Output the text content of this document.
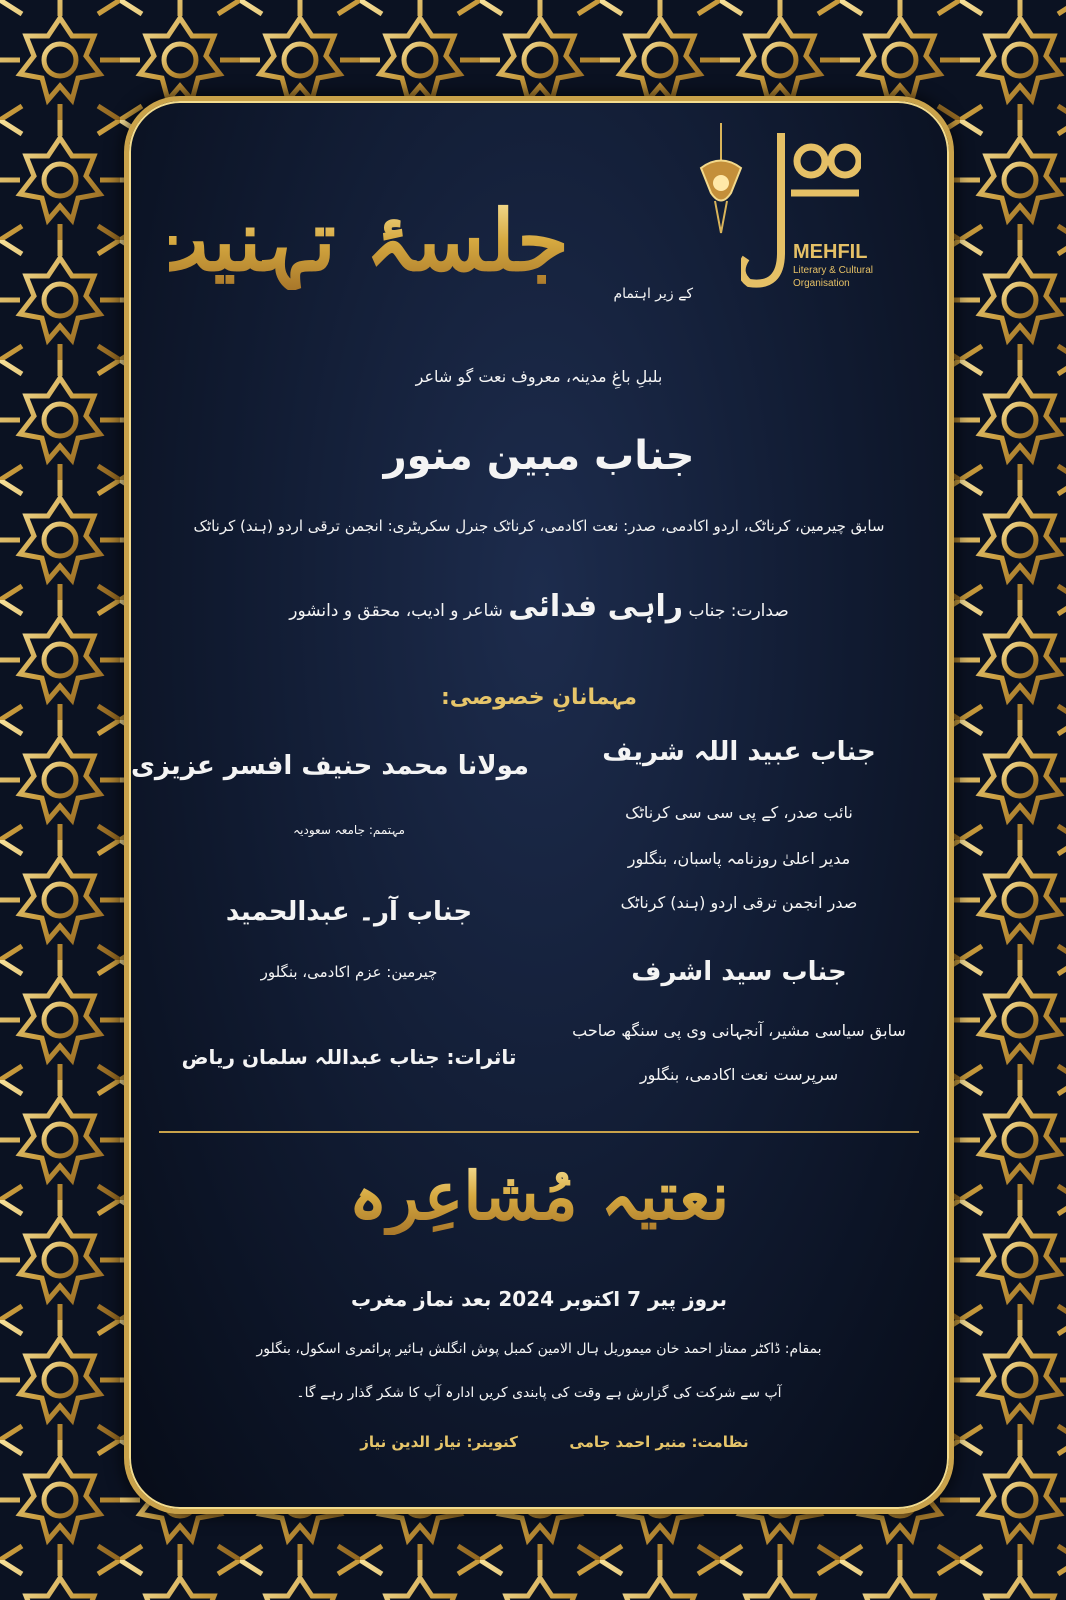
MEHFIL
Literary & Cultural
Organisation
کے زیر اہتمام
جلسۂ تہنیت
بلبلِ باغِ مدینہ، معروف نعت گو شاعر
جناب مبین منور
سابق چیرمین، کرناٹک، اردو اکادمی، صدر: نعت اکادمی، کرناٹک جنرل سکریٹری: انجمن ترقی اردو (ہند) کرناٹک
صدارت: جناب راہی فدائی شاعر و ادیب، محقق و دانشور
مہمانانِ خصوصی:
جناب عبید اللہ شریف
نائب صدر، کے پی سی سی کرناٹک
مدیر اعلیٰ روزنامہ پاسبان، بنگلور
صدر انجمن ترقی اردو (ہند) کرناٹک
جناب سید اشرف
سابق سیاسی مشیر، آنجہانی وی پی سنگھ صاحب
سرپرست نعت اکادمی، بنگلور
مولانا محمد حنیف افسر عزیزی
مہتمم: جامعہ سعودیہ
جناب آر۔ عبدالحمید
چیرمین: عزم اکادمی، بنگلور
تاثرات: جناب عبداللہ سلمان ریاض
نعتیہ مُشاعِرہ
بروز پیر 7 اکتوبر 2024 بعد نماز مغرب
بمقام: ڈاکٹر ممتاز احمد خان میموریل ہال الامین کمبل پوش انگلش ہائیر پرائمری اسکول، بنگلور
آپ سے شرکت کی گزارش ہے وقت کی پابندی کریں ادارہ آپ کا شکر گذار رہے گا۔
نظامت: منیر احمد جامی
کنوینر: نیاز الدین نیاز
